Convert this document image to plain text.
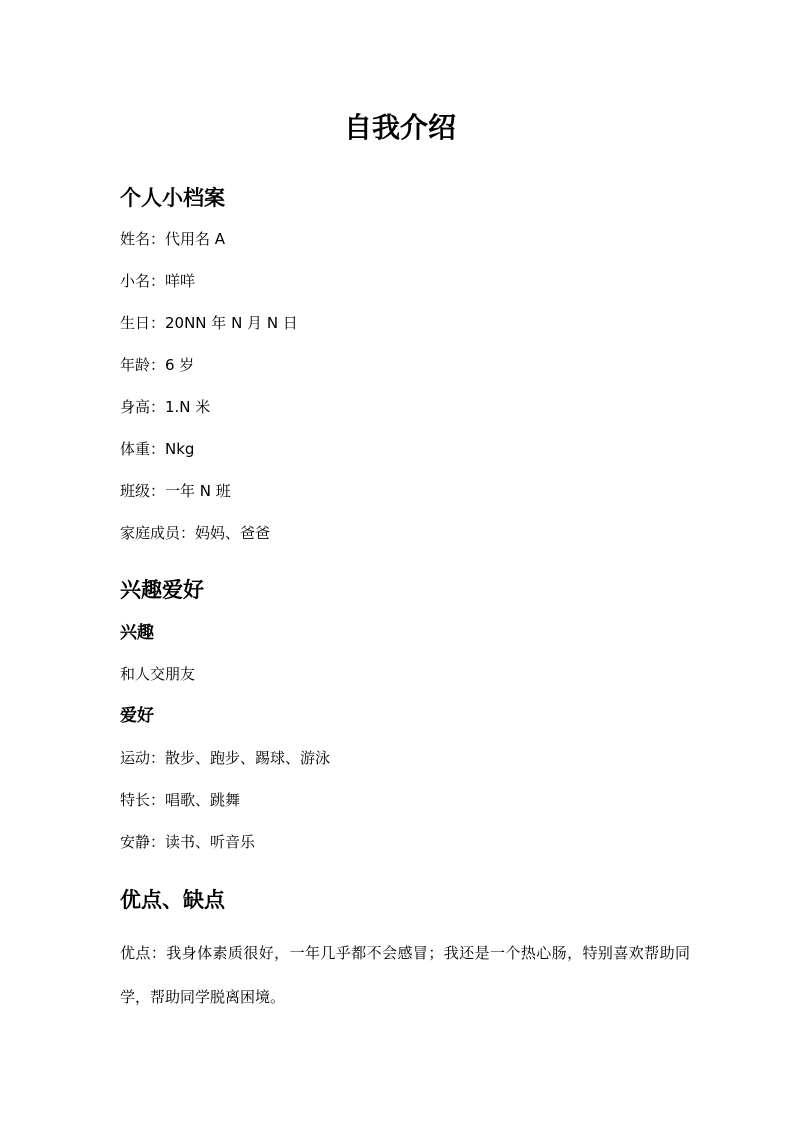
自我介绍
个人小档案

姓名：代用名 A

小名：咩咩

生日：20NN 年 N 月 N 日

年龄：6 岁

身高：1.N 米

体重：Nkg

班级：一年 N 班

家庭成员：妈妈、爸爸

兴趣爱好
兴趣

和人交朋友

爱好

运动：散步、跑步、踢球、游泳

特长：唱歌、跳舞

安静：读书、听音乐

优点、缺点

优点：我身体素质很好，一年几乎都不会感冒；我还是一个热心肠，特别喜欢帮助同学，帮助同学脱离困境。
